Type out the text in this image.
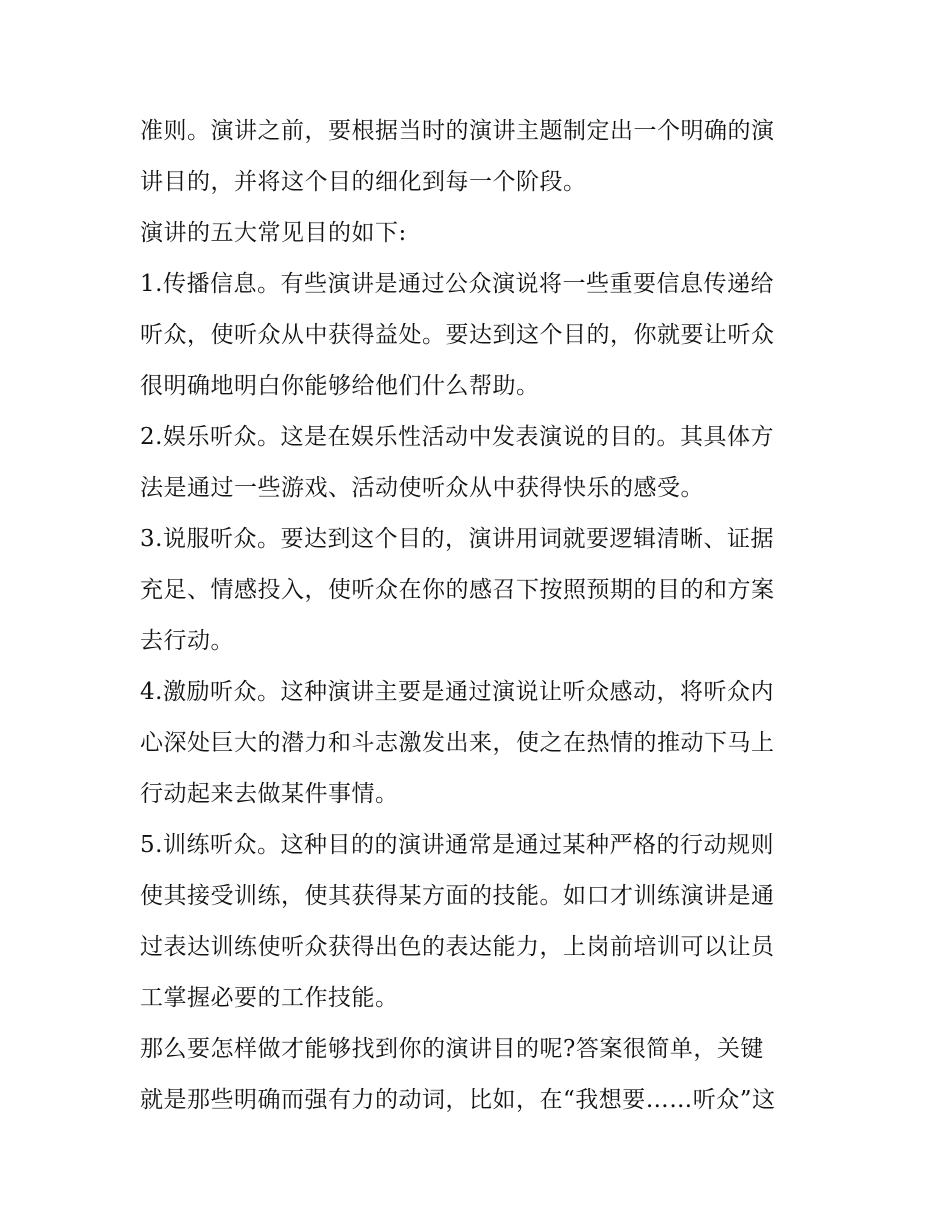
准则。演讲之前，要根据当时的演讲主题制定出一个明确的演
讲目的，并将这个目的细化到每一个阶段。
演讲的五大常见目的如下:
1.传播信息。有些演讲是通过公众演说将一些重要信息传递给
听众，使听众从中获得益处。要达到这个目的，你就要让听众
很明确地明白你能够给他们什么帮助。
2.娱乐听众。这是在娱乐性活动中发表演说的目的。其具体方
法是通过一些游戏、活动使听众从中获得快乐的感受。
3.说服听众。要达到这个目的，演讲用词就要逻辑清晰、证据
充足、情感投入，使听众在你的感召下按照预期的目的和方案
去行动。
4.激励听众。这种演讲主要是通过演说让听众感动，将听众内
心深处巨大的潜力和斗志激发出来，使之在热情的推动下马上
行动起来去做某件事情。
5.训练听众。这种目的的演讲通常是通过某种严格的行动规则
使其接受训练，使其获得某方面的技能。如口才训练演讲是通
过表达训练使听众获得出色的表达能力，上岗前培训可以让员
工掌握必要的工作技能。
那么要怎样做才能够找到你的演讲目的呢?答案很简单，关键
就是那些明确而强有力的动词，比如，在“我想要……听众”这
